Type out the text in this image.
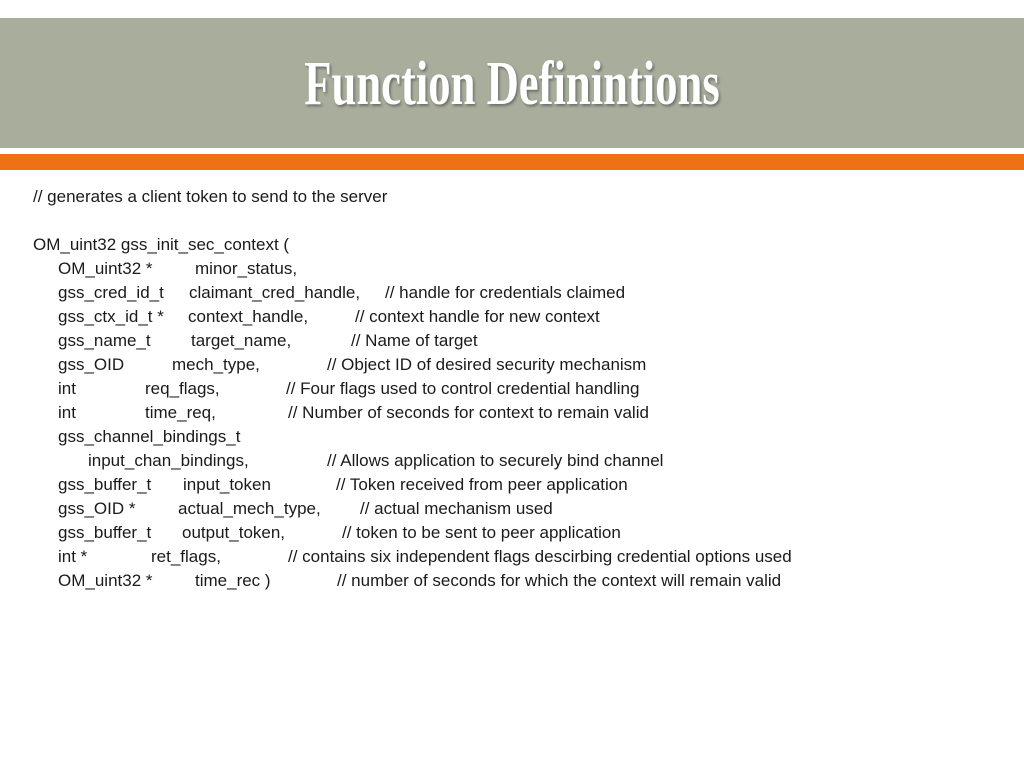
Function Definintions
// generates a client token to send to the server
OM_uint32 gss_init_sec_context (
OM_uint32 *	minor_status,
gss_cred_id_t claimant_cred_handle, // handle for credentials claimed
gss_ctx_id_t * context_handle,	// context handle for new context
gss_name_t target_name,	// Name of target
gss_OID	mech_type,	// Object ID of desired security mechanism
int	req_flags,	// Four flags used to control credential handling
int	time_req,	// Number of seconds for context to remain valid
gss_channel_bindings_t
input_chan_bindings,	// Allows application to securely bind channel
gss_buffer_t input_token	// Token received from peer application
gss_OID *	actual_mech_type, // actual mechanism used
gss_buffer_t output_token,	// token to be sent to peer application
int *	ret_flags,	// contains six independent flags descirbing credential options used
OM_uint32 *	time_rec )	// number of seconds for which the context will remain valid
